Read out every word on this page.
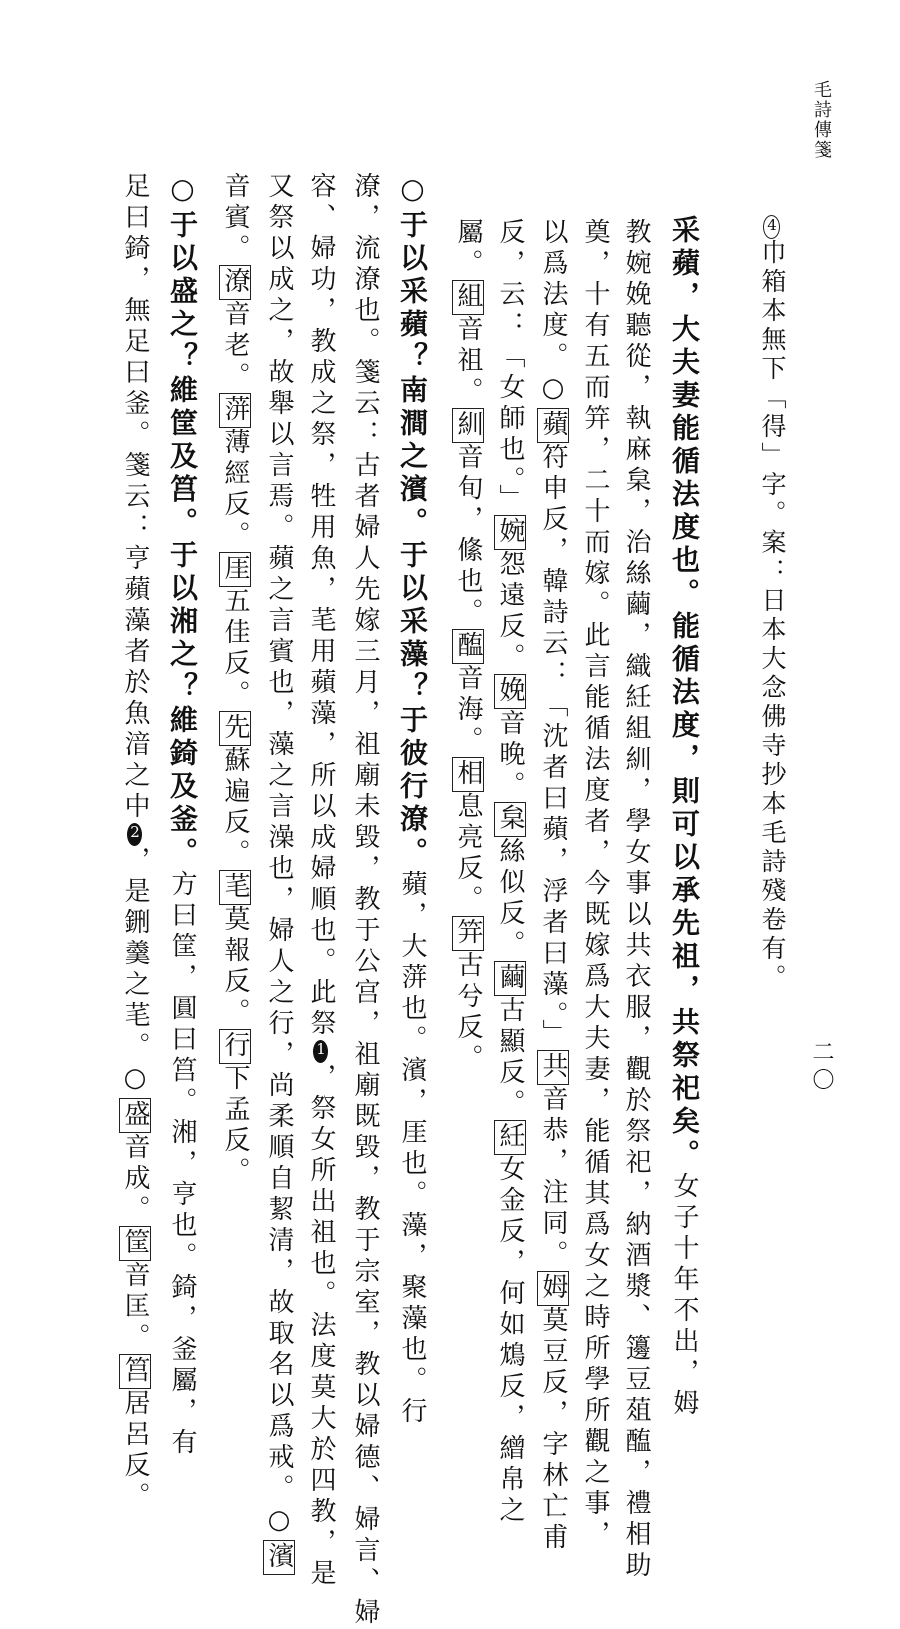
毛詩傳箋
二〇
4巾箱本無下「得」字。案：日本大念佛寺抄本毛詩殘卷有。
采蘋，大夫妻能循法度也。能循法度，則可以承先祖，共祭祀矣。女子十年不出，姆
教婉娩聽從，執麻枲，治絲繭，織紝組紃，學女事以共衣服，觀於祭祀，納酒漿、籩豆葅醢，禮相助
奠，十有五而笄，二十而嫁。此言能循法度者，今既嫁爲大夫妻，能循其爲女之時所學所觀之事，
以爲法度。○蘋符申反，韓詩云：「沈者曰蘋，浮者曰藻。」共音恭，注同。姆莫豆反，字林亡甫
反，云：「女師也。」婉怨遠反。娩音晚。枲絲似反。繭古顯反。紝女金反，何如鴆反，繒帛之
屬。組音祖。紃音旬，絛也。醢音海。相息亮反。笄古兮反。
○于以采蘋？南澗之濱。于以采藻？于彼行潦。蘋，大蓱也。濱，厓也。藻，聚藻也。行
潦，流潦也。箋云：古者婦人先嫁三月，祖廟未毀，教于公宫，祖廟既毀，教于宗室，教以婦德、婦言、婦
容、婦功，教成之祭，牲用魚，芼用蘋藻，所以成婦順也。此祭1，祭女所出祖也。法度莫大於四教，是
又祭以成之，故舉以言焉。蘋之言賓也，藻之言澡也，婦人之行，尚柔順自絜清，故取名以爲戒。○濱
音賓。潦音老。蓱薄經反。厓五佳反。先蘇遍反。芼莫報反。行下孟反。
○于以盛之？維筐及筥。于以湘之？維錡及釜。方曰筐，圓曰筥。湘，亨也。錡，釜屬，有
足曰錡，無足曰釜。箋云：亨蘋藻者於魚湆之中2，是鉶羹之芼。○盛音成。筐音匡。筥居呂反。
